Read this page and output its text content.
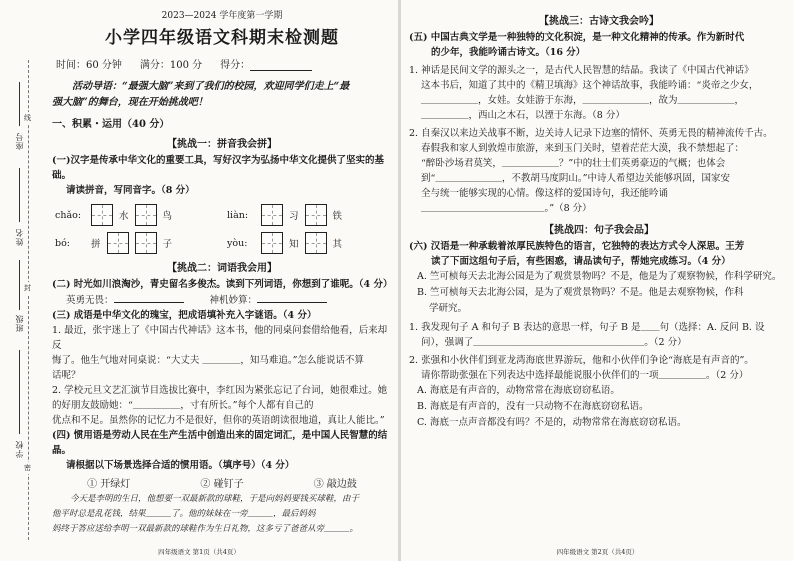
线
封
密
座号
姓名
班级
学校
2023—2024 学年度第一学期
小学四年级语文科期末检测题
时间：60 分钟 满分：100 分 得分：
活动导语：“最强大脑”来到了我们的校园，欢迎同学们走上“最
强大脑”的舞台，现在开始挑战吧！
一、积累・运用（40 分）
【挑战一：拼音我会拼】
(一)汉字是传承中华文化的重要工具，写好汉字为弘扬中华文化提供了坚实的基础。
请读拼音，写同音字。（8 分）
chǎo:	水	鸟	liàn:	习	铁
bó:	拼	子	yòu:	知	其
【挑战二：词语我会用】
(二) 时光如川浪淘沙，青史留名多俊杰。读到下列词语，你想到了谁呢。（4 分）
英勇无畏：	神机妙算：
(三) 成语是中华文化的瑰宝，把成语填补充入字谜语。（4 分）
1. 最近，张宇迷上了《中国古代神话》这本书，他的同桌问套借给他看，后来却反
悔了。他生气地对同桌说：“大丈夫 ＿＿＿＿，知马难追。”怎么能说话不算
话呢？
2. 学校元旦文艺汇演节目选拔比赛中，李红因为紧张忘记了台词，她很难过。她
的好朋友鼓励她：“＿＿＿＿＿，寸有所长。”每个人都有自己的
优点和不足。虽然你的记忆力不是很好，但你的英语朗读很地道，真让人能比。”
(四) 惯用语是劳动人民在生产生活中创造出来的固定词汇，是中国人民智慧的结晶。
请根据以下场景选择合适的惯用语。（填序号）（4 分）
① 开绿灯	② 碰钉子	③ 敲边鼓
今天是李明的生日，他想要一双最新款的球鞋，于是向妈妈要钱买球鞋，由于
他平时总是乱花钱，结果＿＿＿了。他的妹妹在一旁＿＿＿，最后妈妈
妈终于答应送给李明一双最新款的球鞋作为生日礼物，这多亏了爸爸从旁＿＿＿。
四年级语文 第1页（共4页）
【挑战三：古诗文我会吟】
(五) 中国古典文学是一种独特的文化积淀，是一种文化精神的传承。作为新时代
的少年，我能吟诵古诗文。（16 分）
1. 神话是民间文学的源头之一，是古代人民智慧的结晶。我读了《中国古代神话》
这本书后，知道了其中的《精卫填海》这个神话故事，我能吟诵：“炎帝之少女，
＿＿＿＿＿＿，女娃。女娃游于东海，＿＿＿＿＿＿＿，故为＿＿＿＿＿＿，
＿＿＿＿＿，西山之木石，以湮于东海。（8 分）
2. 自秦汉以来边关战事不断，边关诗人记录下边塞的情怀、英勇无畏的精神流传千古。
春假我和家人到敦煌市旅游，来到玉门关时，望着茫茫大漠，我不禁想起了：
“醉卧沙场君莫笑，＿＿＿＿＿＿？”中的壮士们英勇豪迈的气概；也体会
到“＿＿＿＿＿＿＿，不教胡马度阴山。”中诗人希望边关能够巩固，国家安
全与统一能够实现的心情。像这样的爱国诗句，我还能吟诵
＿＿＿＿＿＿＿＿＿＿＿＿＿。”（8 分）
【挑战四：句子我会品】
(六) 汉语是一种承载着浓厚民族特色的语言，它独特的表达方式令人深思。王芳
读了下面这组句子后，有些困惑，请品读句子，帮她完成练习。（4 分）
A. 竺可桢每天去北海公园是为了观赏景物吗？不是，他是为了观察物候，作科学研究。
B. 竺可桢每天去北海公园，是为了观赏景物吗？不是。他是去观察物候，作科
学研究。
1. 我发现句子 A 和句子 B 表达的意思一样，句子 B 是＿＿句（选择：A. 反问 B. 设
问），强调了＿＿＿＿＿＿＿＿＿＿＿＿＿＿＿＿＿＿。（2 分）
2. 张强和小伙伴们到亚龙湾海底世界游玩，他和小伙伴们争论“海底是有声音的”。
请你帮助张强在下列表达中选择最能说服小伙伴们的一项＿＿＿＿＿。（2 分）
A. 海底是有声音的，动物常常在海底窃窃私语。
B. 海底是有声音的，没有一只动物不在海底窃窃私语。
C. 海底一点声音都没有吗？不是的，动物常常在海底窃窃私语。
四年级语文 第2页（共4页）
